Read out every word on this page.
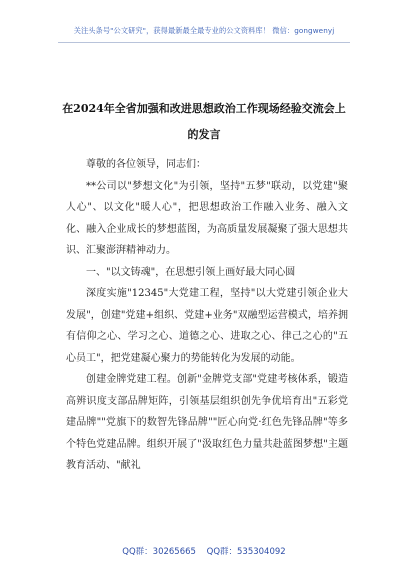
关注头条号"公文研究"，获得最新最全最专业的公文资料库！ 微信：gongwenyj
在2024年全省加强和改进思想政治工作现场经验交流会上
的发言

尊敬的各位领导，同志们：

**公司以"梦想文化"为引领，坚持"五梦"联动，以党建"聚人心"、以文化"暖人心"，把思想政治工作融入业务、融入文化、融入企业成长的梦想蓝图，为高质量发展凝聚了强大思想共识、汇聚澎湃精神动力。

一、"以文铸魂"，在思想引领上画好最大同心圆

深度实施"12345"大党建工程，坚持"以大党建引领企业大发展"，创建"党建+组织、党建+业务"双融型运营模式，培养拥有信仰之心、学习之心、道德之心、进取之心、律己之心的"五心员工"，把党建凝心聚力的势能转化为发展的动能。

创建金牌党建工程。创新"金牌党支部"党建考核体系，锻造高辨识度支部品牌矩阵，引领基层组织创先争优培育出"五彩党建品牌""党旗下的数智先锋品牌""匠心向党·红色先锋品牌"等多个特色党建品牌。组织开展了"汲取红色力量共赴蓝图梦想"主题教育活动、"献礼

QQ群：30265665 QQ群：535304092
